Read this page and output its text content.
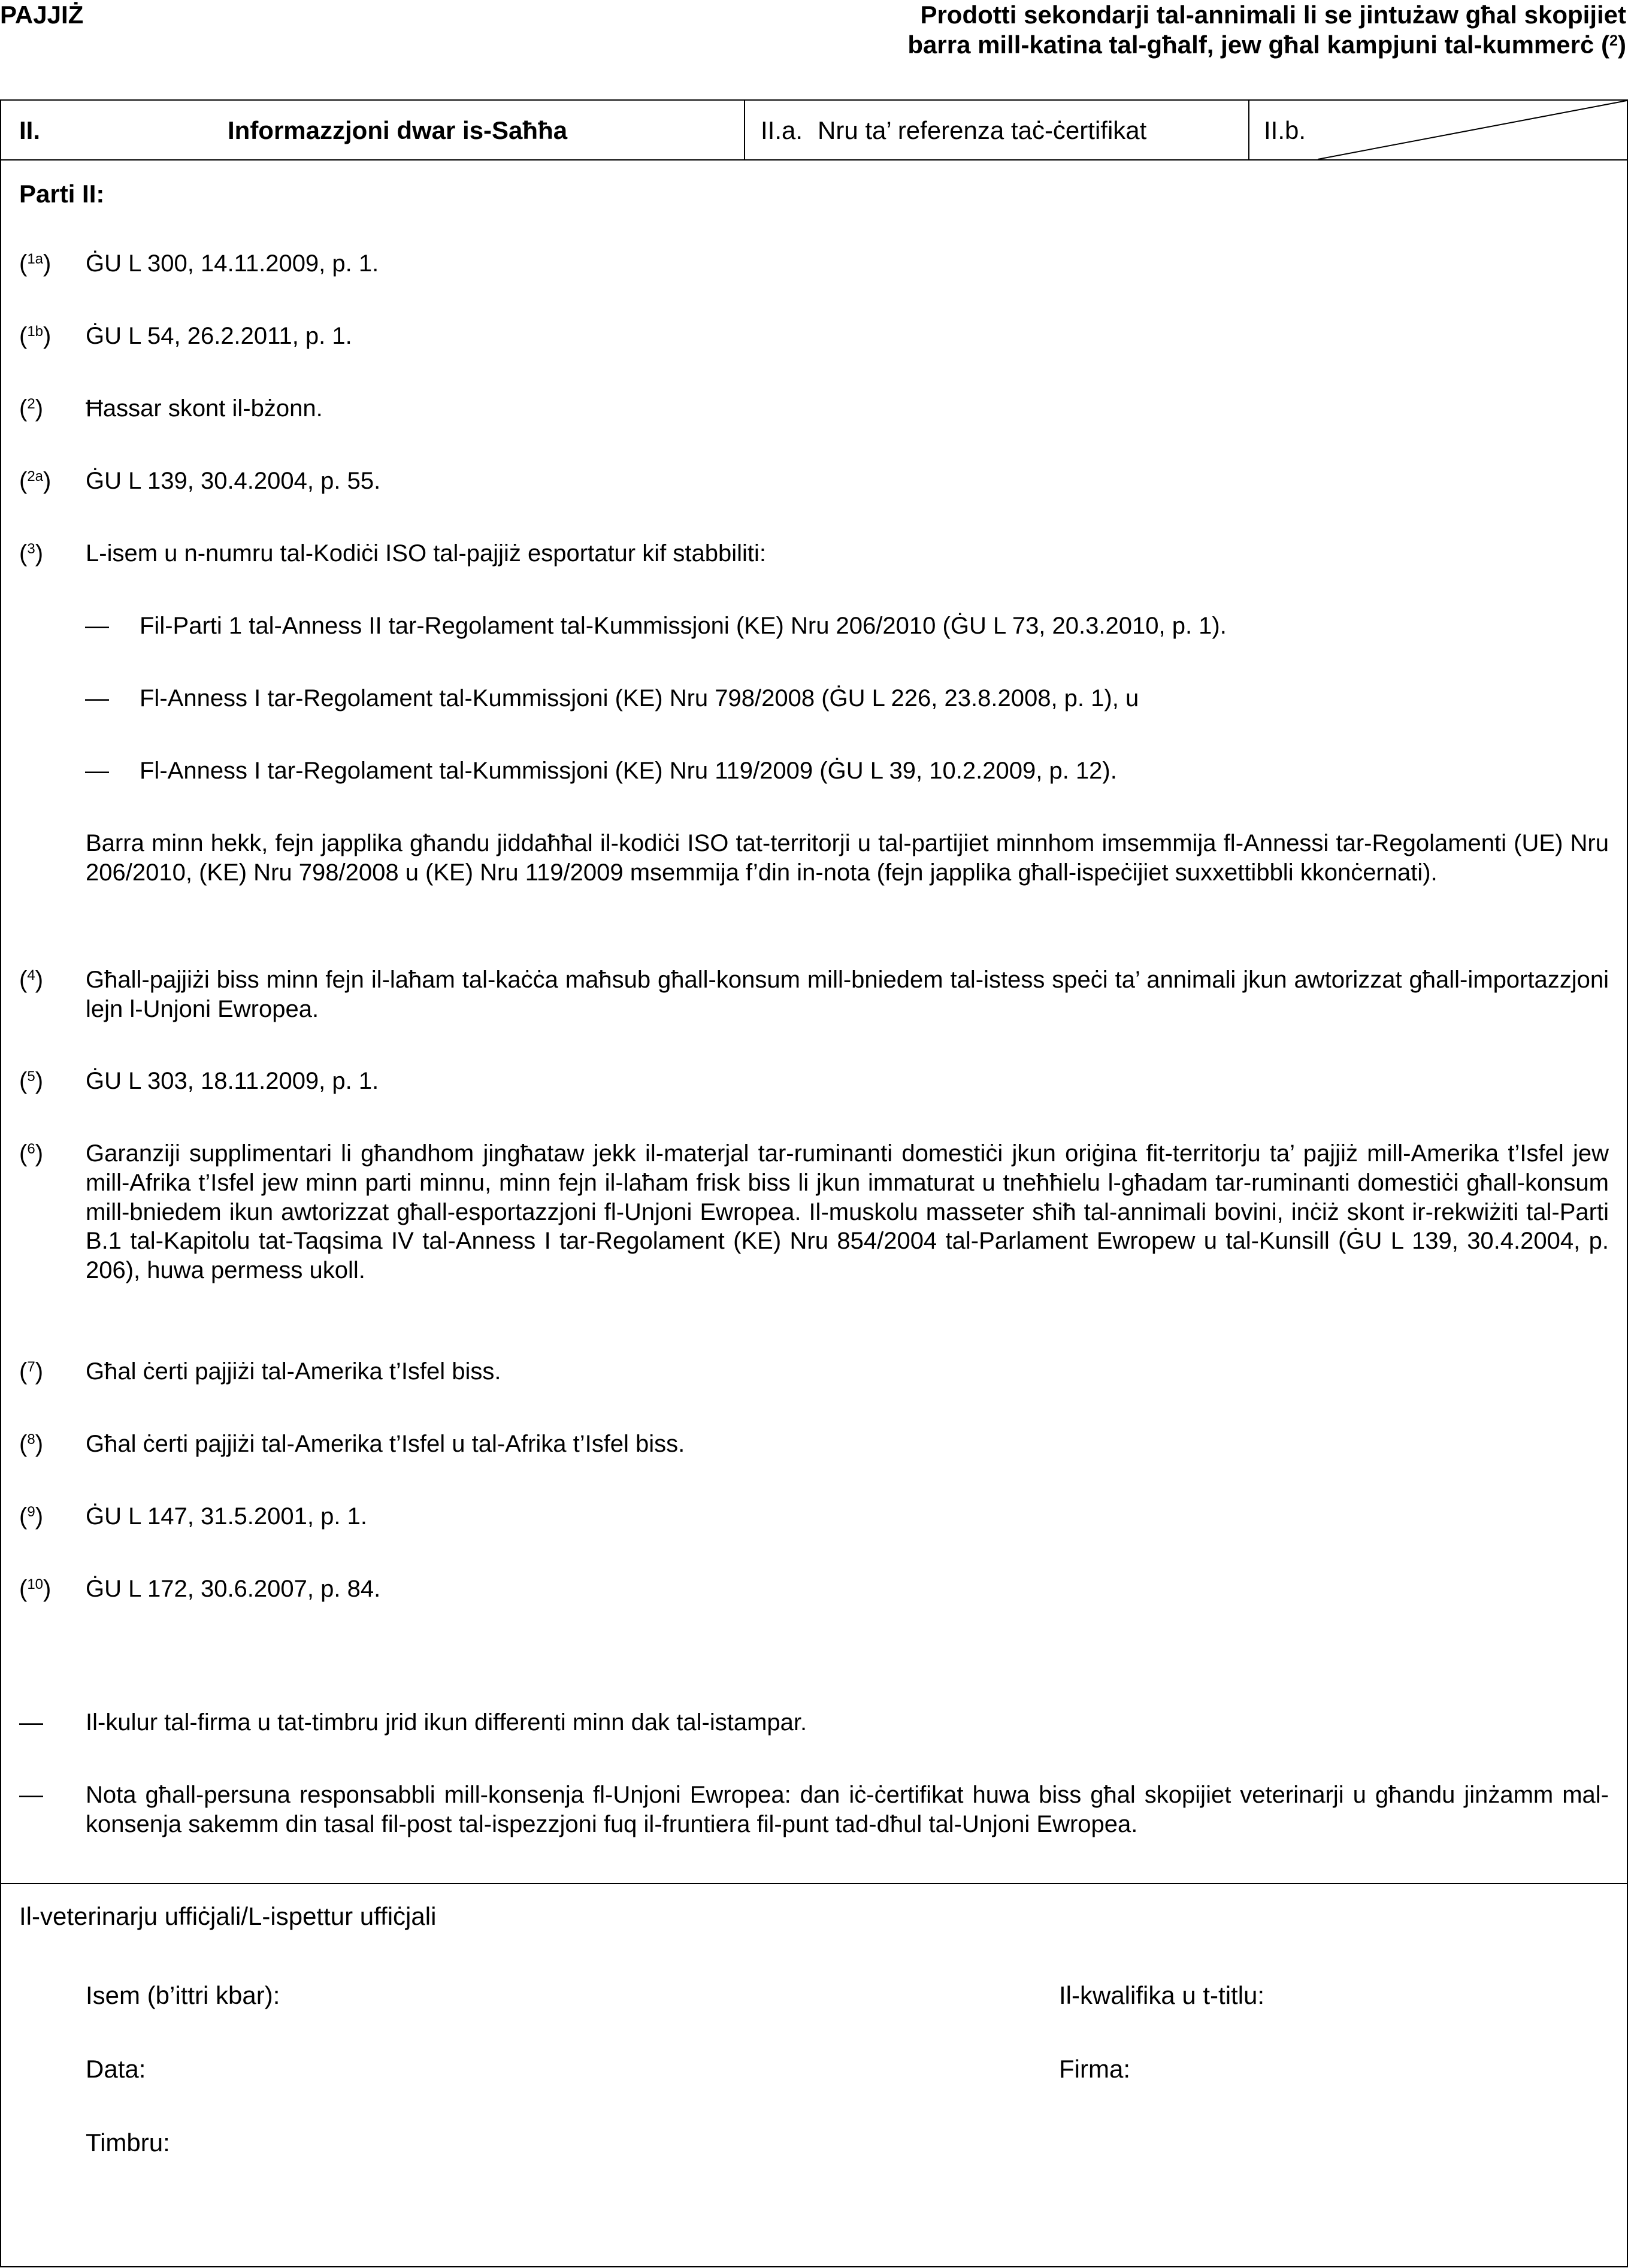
PAJJIŻ	Prodotti sekondarji tal-annimali li se jintużaw għal skopijiet barra mill-katina tal-għalf, jew għal kampjuni tal-kummerċ ($^2$)
II.	Informazzjoni dwar is-Saħħa	II.a. Nru ta’ referenza taċ-ċertifikat	II.b.
Parti II:
($^{1a}$) ĠU L 300, 14.11.2009, p. 1.
($^{1b}$) ĠU L 54, 26.2.2011, p. 1.
($^2$) Ħassar skont il-bżonn.
($^{2a}$) ĠU L 139, 30.4.2004, p. 55.
($^3$) L-isem u n-numru tal-Kodiċi ISO tal-pajjiż esportatur kif stabbiliti:
— Fil-Parti 1 tal-Anness II tar-Regolament tal-Kummissjoni (KE) Nru 206/2010 (ĠU L 73, 20.3.2010, p. 1).
— Fl-Anness I tar-Regolament tal-Kummissjoni (KE) Nru 798/2008 (ĠU L 226, 23.8.2008, p. 1), u
— Fl-Anness I tar-Regolament tal-Kummissjoni (KE) Nru 119/2009 (ĠU L 39, 10.2.2009, p. 12).
Barra minn hekk, fejn japplika għandu jiddaħħal il-kodiċi ISO tat-territorji u tal-partijiet minnhom imsemmija fl-Annessi tar-Regolamenti (UE) Nru 206/2010, (KE) Nru 798/2008 u (KE) Nru 119/2009 msemmija f’din in-nota (fejn japplika għall-ispeċijiet suxxettibbli kkonċernati).
($^4$) Għall-pajjiżi biss minn fejn il-laħam tal-kaċċa maħsub għall-konsum mill-bniedem tal-istess speċi ta’ annimali jkun awtorizzat għall-importazzjoni lejn l-Unjoni Ewropea.
($^5$) ĠU L 303, 18.11.2009, p. 1.
($^6$) Garanziji supplimentari li għandhom jingħataw jekk il-materjal tar-ruminanti domestiċi jkun oriġina fit-territorju ta’ pajjiż mill-Amerika t’Isfel jew mill-Afrika t’Isfel jew minn parti minnu, minn fejn il-laħam frisk biss li jkun immaturat u tneħħielu l-għadam tar-ruminanti domestiċi għall-konsum mill-bniedem ikun awtorizzat għall-esportazzjoni fl-Unjoni Ewropea. Il-muskolu masseter sħiħ tal-annimali bovini, inċiż skont ir-rekwiżiti tal-Parti B.1 tal-Kapitolu tat-Taqsima IV tal-Anness I tar-Regolament (KE) Nru 854/2004 tal-Parlament Ewropew u tal-Kunsill (ĠU L 139, 30.4.2004, p. 206), huwa permess ukoll.
($^7$) Għal ċerti pajjiżi tal-Amerika t’Isfel biss.
($^8$) Għal ċerti pajjiżi tal-Amerika t’Isfel u tal-Afrika t’Isfel biss.
($^9$) ĠU L 147, 31.5.2001, p. 1.
($^{10}$) ĠU L 172, 30.6.2007, p. 84.
— Il-kulur tal-firma u tat-timbru jrid ikun differenti minn dak tal-istampar.
— Nota għall-persuna responsabbli mill-konsenja fl-Unjoni Ewropea: dan iċ-ċertifikat huwa biss għal skopijiet veterinarji u għandu jinżamm mal-konsenja sakemm din tasal fil-post tal-ispezzjoni fuq il-fruntiera fil-punt tad-dħul tal-Unjoni Ewropea.
Il-veterinarju uffiċjali/L-ispettur uffiċjali
Isem (b’ittri kbar):	Il-kwalifika u t-titlu:
Data:	Firma:
Timbru:
